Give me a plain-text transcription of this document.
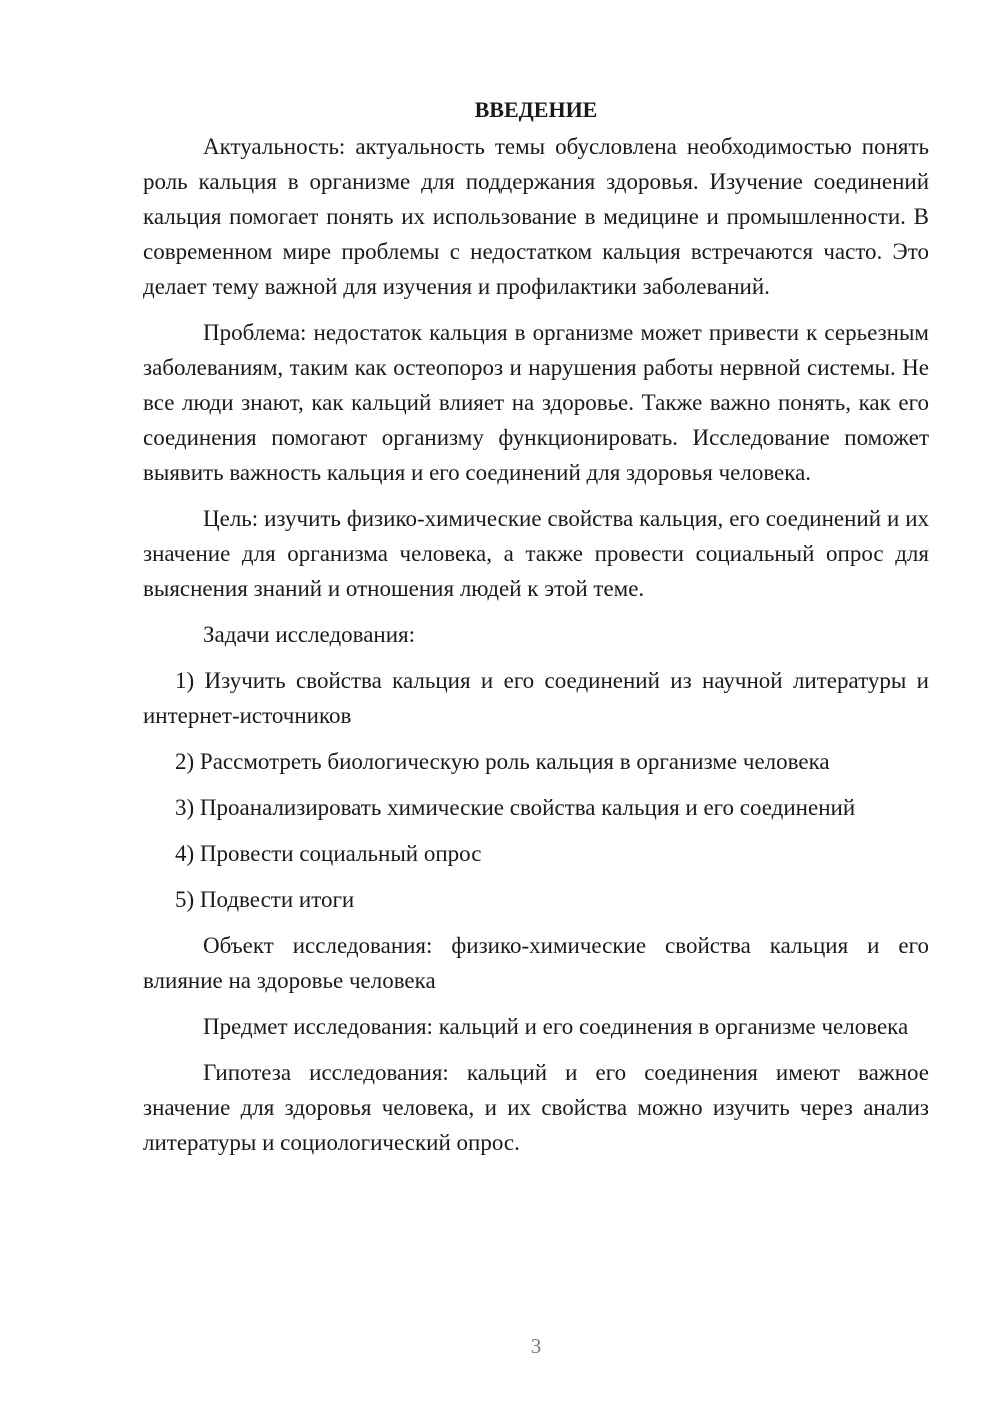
ВВЕДЕНИЕ
Актуальность: актуальность темы обусловлена необходимостью понять роль кальция в организме для поддержания здоровья. Изучение соединений кальция помогает понять их использование в медицине и промышленности. В современном мире проблемы с недостатком кальция встречаются часто. Это делает тему важной для изучения и профилактики заболеваний.
Проблема: недостаток кальция в организме может привести к серьезным заболеваниям, таким как остеопороз и нарушения работы нервной системы. Не все люди знают, как кальций влияет на здоровье. Также важно понять, как его соединения помогают организму функционировать. Исследование поможет выявить важность кальция и его соединений для здоровья человека.
Цель: изучить физико-химические свойства кальция, его соединений и их значение для организма человека, а также провести социальный опрос для выяснения знаний и отношения людей к этой теме.
Задачи исследования:
1) Изучить свойства кальция и его соединений из научной литературы и интернет-источников
2) Рассмотреть биологическую роль кальция в организме человека
3) Проанализировать химические свойства кальция и его соединений
4) Провести социальный опрос
5) Подвести итоги
Объект исследования: физико-химические свойства кальция и его влияние на здоровье человека
Предмет исследования: кальций и его соединения в организме человека
Гипотеза исследования: кальций и его соединения имеют важное значение для здоровья человека, и их свойства можно изучить через анализ литературы и социологический опрос.
3
